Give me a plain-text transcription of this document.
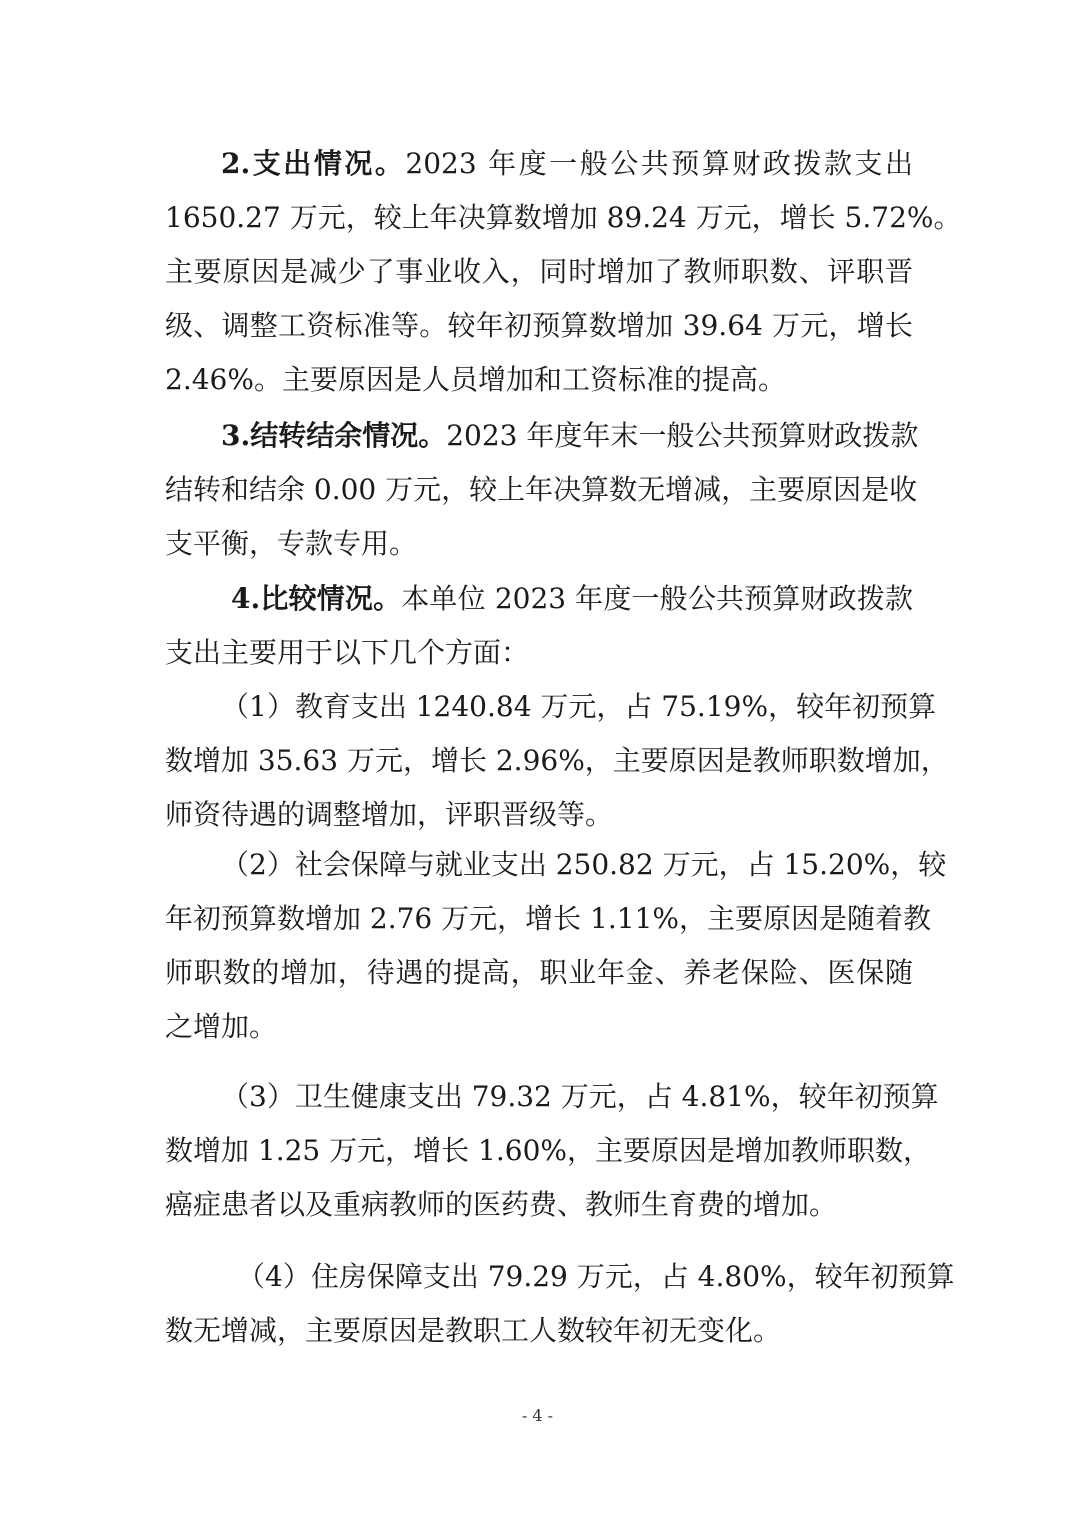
2.支出情况。2023 年度一般公共预算财政拨款支出
1650.27 万元，较上年决算数增加 89.24 万元，增长 5.72%。
主要原因是减少了事业收入，同时增加了教师职数、评职晋
级、调整工资标准等。较年初预算数增加 39.64 万元，增长
2.46%。主要原因是人员增加和工资标准的提高。

3.结转结余情况。2023 年度年末一般公共预算财政拨款
结转和结余 0.00 万元，较上年决算数无增减，主要原因是收
支平衡，专款专用。

4.比较情况。本单位 2023 年度一般公共预算财政拨款
支出主要用于以下几个方面：

（1）教育支出 1240.84 万元，占 75.19%，较年初预算
数增加 35.63 万元，增长 2.96%，主要原因是教师职数增加，
师资待遇的调整增加，评职晋级等。

（2）社会保障与就业支出 250.82 万元，占 15.20%，较
年初预算数增加 2.76 万元，增长 1.11%，主要原因是随着教
师职数的增加，待遇的提高，职业年金、养老保险、医保随
之增加。

（3）卫生健康支出 79.32 万元，占 4.81%，较年初预算
数增加 1.25 万元，增长 1.60%，主要原因是增加教师职数，
癌症患者以及重病教师的医药费、教师生育费的增加。

（4）住房保障支出 79.29 万元，占 4.80%，较年初预算
数无增减，主要原因是教职工人数较年初无变化。

- 4 -
